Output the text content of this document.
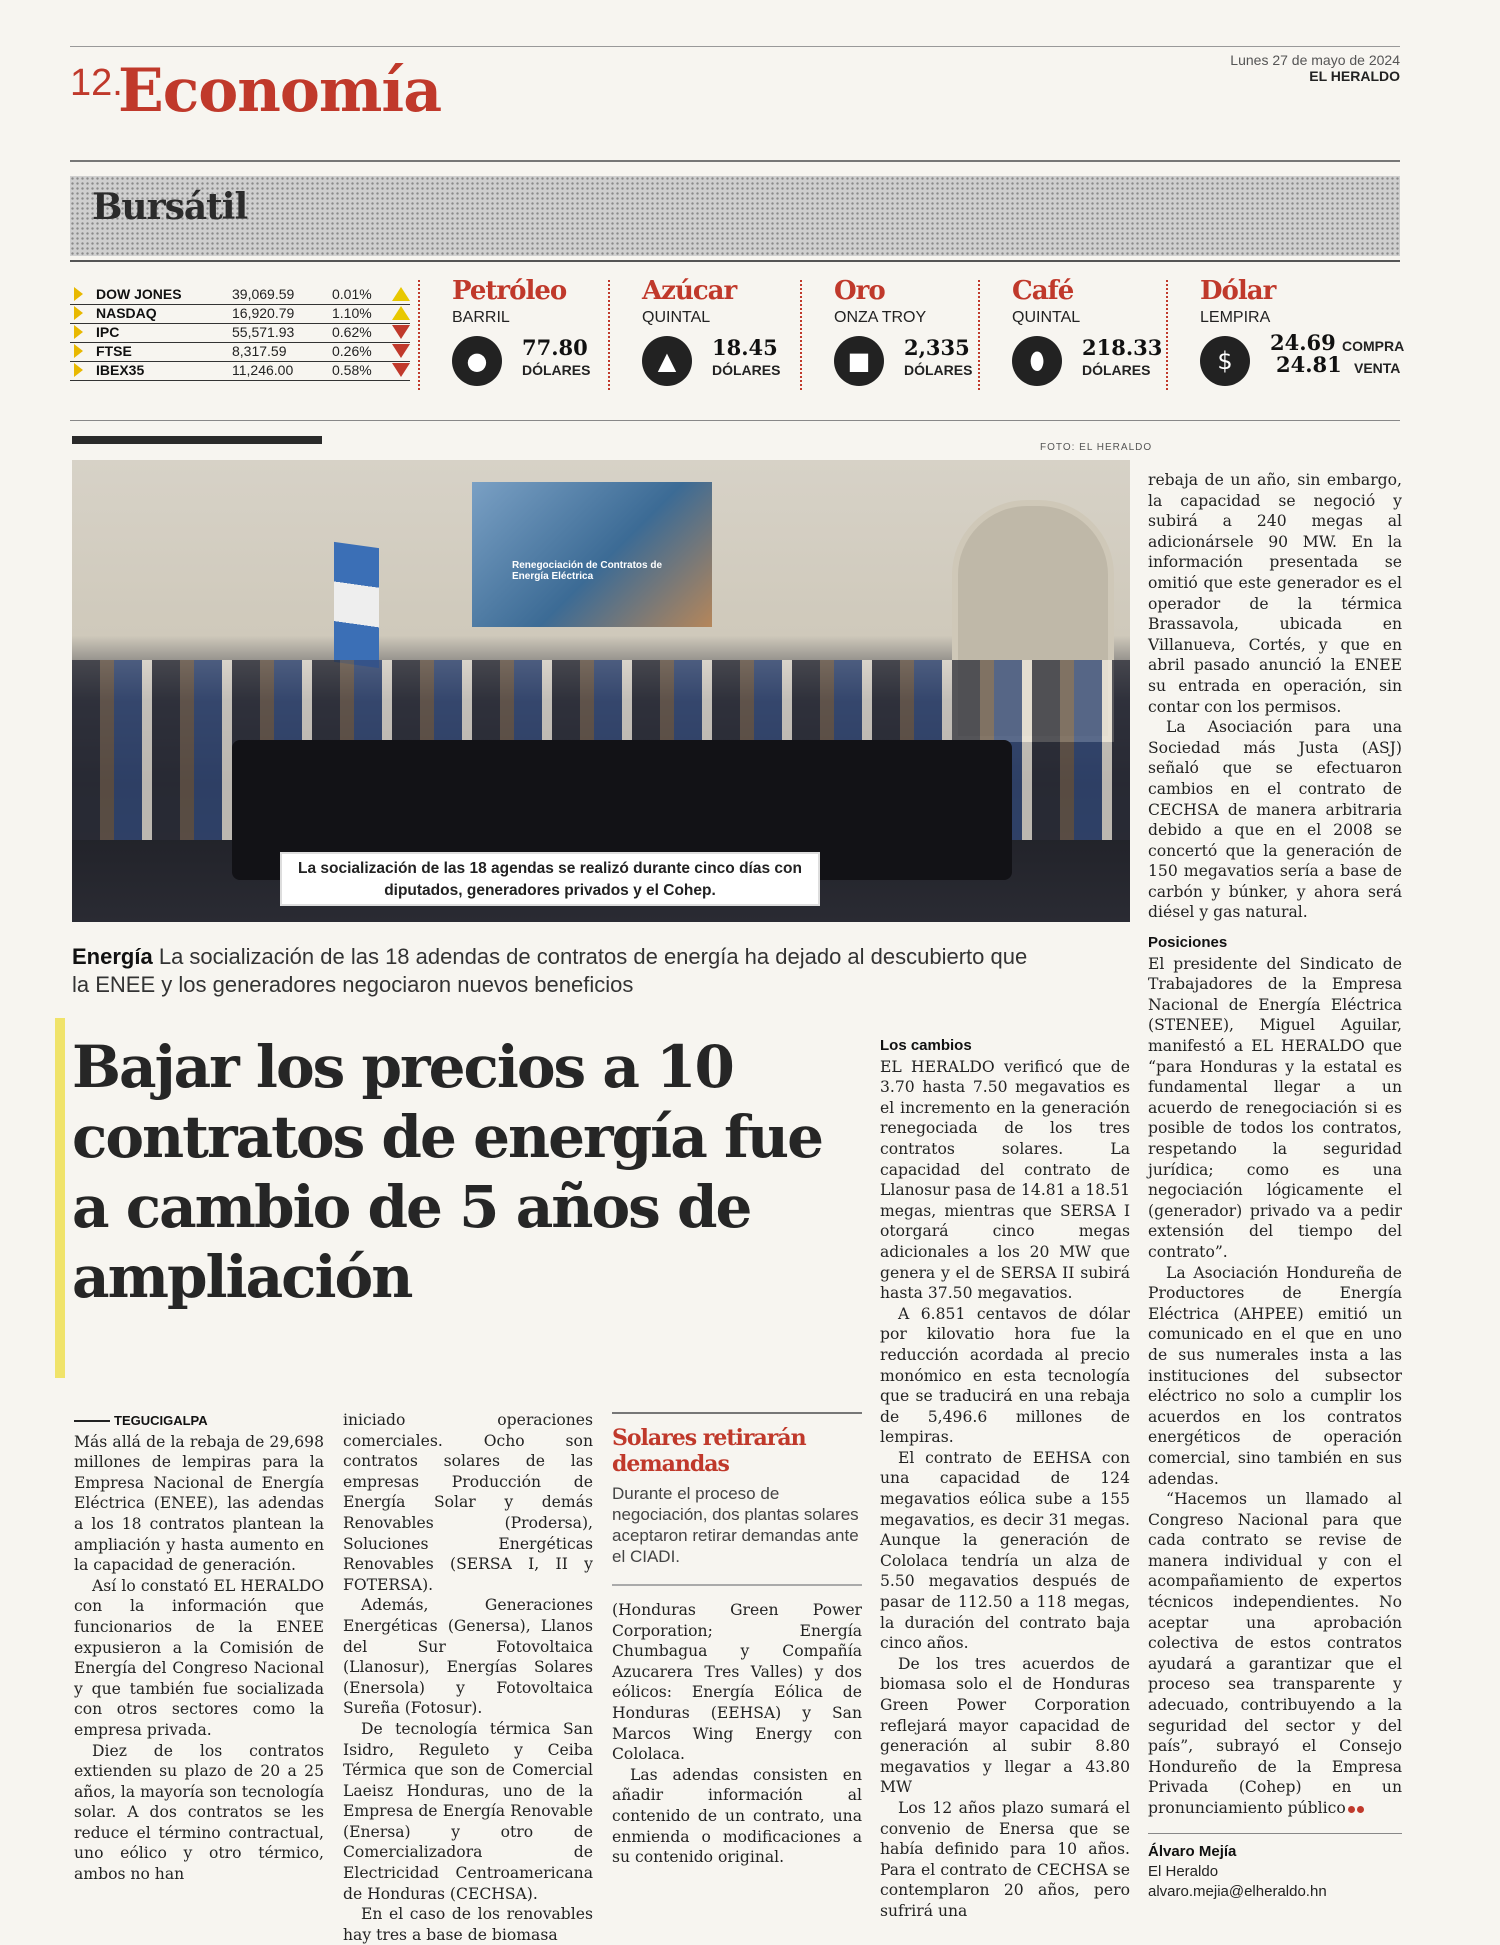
12.
Economía	Lunes 27 de mayo de 2024
EL HERALDO
Bursátil
DOW JONES	39,069.59	0.01%
NASDAQ	16,920.79	1.10%
IPC	55,571.93	0.62%
FTSE	8,317.59	0.26%
IBEX35	11,246.00	0.58%
Petróleo
BARRIL
●	77.80
DÓLARES
Azúcar
QUINTAL
▲	18.45
DÓLARES
Oro
ONZA TROY
■	2,335
DÓLARES
Café
QUINTAL
⬮	218.33
DÓLARES
Dólar
LEMPIRA
$
24.69 COMPRA
24.81 VENTA
FOTO: EL HERALDO
Renegociación de Contratos de Energía Eléctrica
La socialización de las 18 agendas se realizó durante cinco días con diputados, generadores privados y el Cohep.
Energía La socialización de las 18 adendas de contratos de energía ha dejado al descubierto que la ENEE y los generadores negociaron nuevos beneficios
Bajar los precios a 10 contratos de energía fue a cambio de 5 años de ampliación

TEGUCIGALPA

Más allá de la rebaja de 29,698 millones de lempiras para la Empresa Nacional de Energía Eléctrica (ENEE), las adendas a los 18 contratos plantean la ampliación y hasta aumento en la capacidad de generación.

Así lo constató EL HERALDO con la información que funcionarios de la ENEE expusieron a la Comisión de Energía del Congreso Nacional y que también fue socializada con otros sectores como la empresa privada.

Diez de los contratos extienden su plazo de 20 a 25 años, la mayoría son tecnología solar. A dos contratos se les reduce el término contractual, uno eólico y otro térmico, ambos no han

iniciado operaciones comerciales. Ocho son contratos solares de las empresas Producción de Energía Solar y demás Renovables (Prodersa), Soluciones Energéticas Renovables (SERSA I, II y FOTERSA).

Además, Generaciones Energéticas (Genersa), Llanos del Sur Fotovoltaica (Llanosur), Energías Solares (Enersola) y Fotovoltaica Sureña (Fotosur).

De tecnología térmica San Isidro, Reguleto y Ceiba Térmica que son de Comercial Laeisz Honduras, uno de la Empresa de Energía Renovable (Enersa) y otro de Comercializadora de Electricidad Centroamericana de Honduras (CECHSA).

En el caso de los renovables hay tres a base de biomasa

Solares retirarán demandas
Durante el proceso de negociación, dos plantas solares aceptaron retirar demandas ante el CIADI.

(Honduras Green Power Corporation; Energía Chumbagua y Compañía Azucarera Tres Valles) y dos eólicos: Energía Eólica de Honduras (EEHSA) y San Marcos Wing Energy con Cololaca.

Las adendas consisten en añadir información al contenido de un contrato, una enmienda o modificaciones a su contenido original.

Los cambios

EL HERALDO verificó que de 3.70 hasta 7.50 megavatios es el incremento en la generación renegociada de los tres contratos solares. La capacidad del contrato de Llanosur pasa de 14.81 a 18.51 megas, mientras que SERSA I otorgará cinco megas adicionales a los 20 MW que genera y el de SERSA II subirá hasta 37.50 megavatios.

A 6.851 centavos de dólar por kilovatio hora fue la reducción acordada al precio monómico en esta tecnología que se traducirá en una rebaja de 5,496.6 millones de lempiras.

El contrato de EEHSA con una capacidad de 124 megavatios eólica sube a 155 megavatios, es decir 31 megas. Aunque la generación de Cololaca tendría un alza de 5.50 megavatios después de pasar de 112.50 a 118 megas, la duración del contrato baja cinco años.

De los tres acuerdos de biomasa solo el de Honduras Green Power Corporation reflejará mayor capacidad de generación al subir 8.80 megavatios y llegar a 43.80 MW

Los 12 años plazo sumará el convenio de Enersa que se había definido para 10 años. Para el contrato de CECHSA se contemplaron 20 años, pero sufrirá una

rebaja de un año, sin embargo, la capacidad se negoció y subirá a 240 megas al adicionársele 90 MW. En la información presentada se omitió que este generador es el operador de la térmica Brassavola, ubicada en Villanueva, Cortés, y que en abril pasado anunció la ENEE su entrada en operación, sin contar con los permisos.

La Asociación para una Sociedad más Justa (ASJ) señaló que se efectuaron cambios en el contrato de CECHSA de manera arbitraria debido a que en el 2008 se concertó que la generación de 150 megavatios sería a base de carbón y búnker, y ahora será diésel y gas natural.

Posiciones

El presidente del Sindicato de Trabajadores de la Empresa Nacional de Energía Eléctrica (STENEE), Miguel Aguilar, manifestó a EL HERALDO que “para Honduras y la estatal es fundamental llegar a un acuerdo de renegociación si es posible de todos los contratos, respetando la seguridad jurídica; como es una negociación lógicamente el (generador) privado va a pedir extensión del tiempo del contrato”.

La Asociación Hondureña de Productores de Energía Eléctrica (AHPEE) emitió un comunicado en el que en uno de sus numerales insta a las instituciones del subsector eléctrico no solo a cumplir los acuerdos en los contratos energéticos de operación comercial, sino también en sus adendas.

“Hacemos un llamado al Congreso Nacional para que cada contrato se revise de manera individual y con el acompañamiento de expertos técnicos independientes. No aceptar una aprobación colectiva de estos contratos ayudará a garantizar que el proceso sea transparente y adecuado, contribuyendo a la seguridad del sector y del país”, subrayó el Consejo Hondureño de la Empresa Privada (Cohep) en un pronunciamiento público

Álvaro Mejía
El Heraldo
alvaro.mejia@elheraldo.hn
